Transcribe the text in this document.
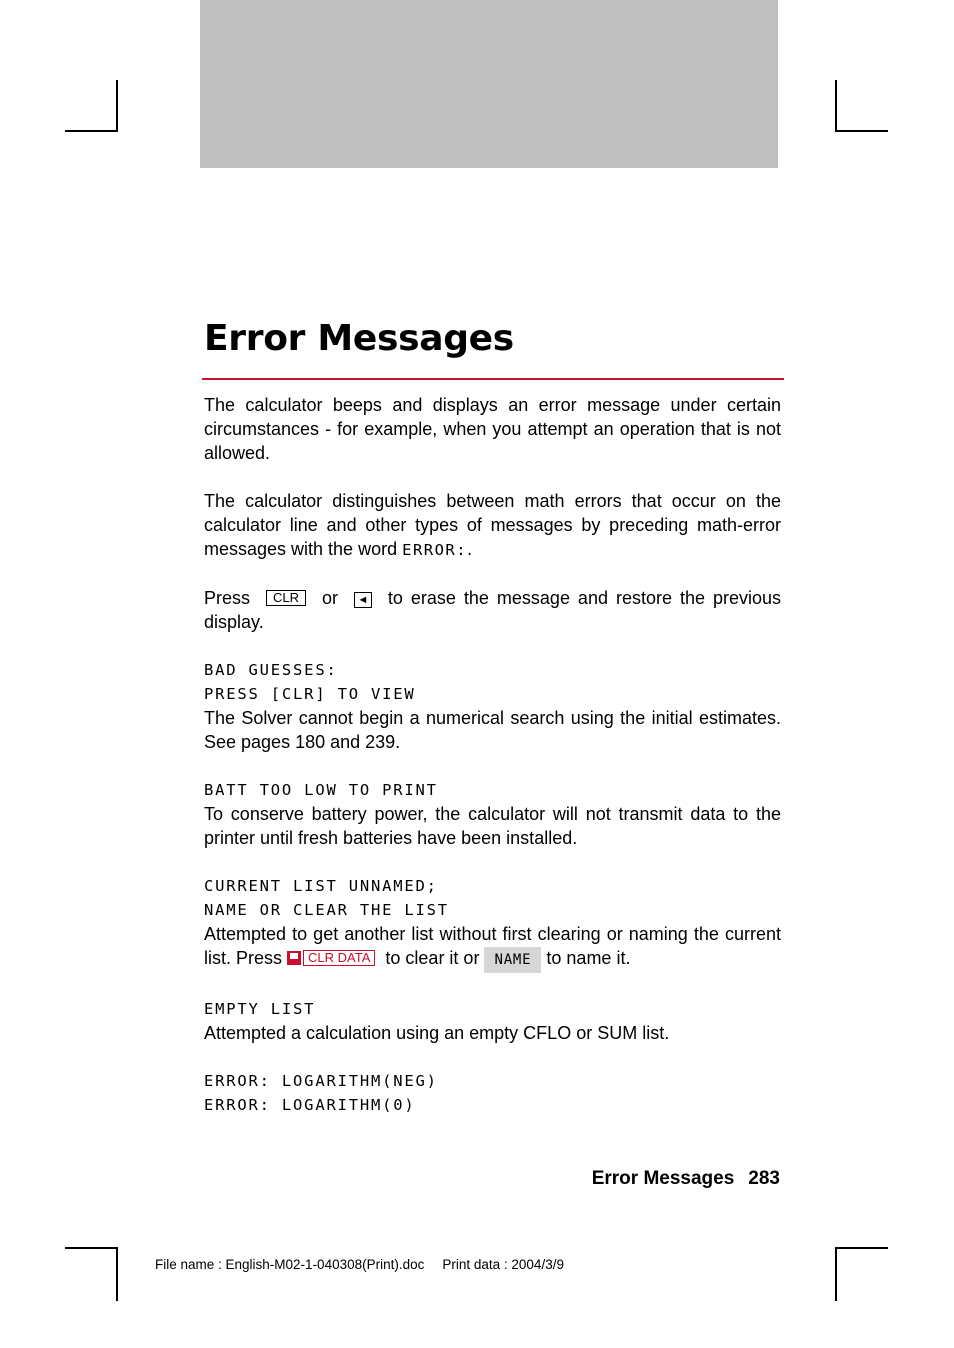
Error Messages

The calculator beeps and displays an error message under certain circumstances - for example, when you attempt an operation that is not allowed.

The calculator distinguishes between math errors that occur on the calculator line and other types of messages by preceding math-error messages with the word ERROR:.

Press CLR or ◄ to erase the message and restore the previous display.

BAD GUESSES:
PRESS [CLR] TO VIEW

The Solver cannot begin a numerical search using the initial estimates. See pages 180 and 239.

BATT TOO LOW TO PRINT

To conserve battery power, the calculator will not transmit data to the printer until fresh batteries have been installed.

CURRENT LIST UNNAMED;
NAME OR CLEAR THE LIST

Attempted to get another list without first clearing or naming the current list. Press CLR DATA to clear it or NAME to name it.

EMPTY LIST

Attempted a calculation using an empty CFLO or SUM list.

ERROR: LOGARITHM(NEG)
ERROR: LOGARITHM(0)
Error Messages 283
File name : English-M02-1-040308(Print).doc Print data : 2004/3/9
